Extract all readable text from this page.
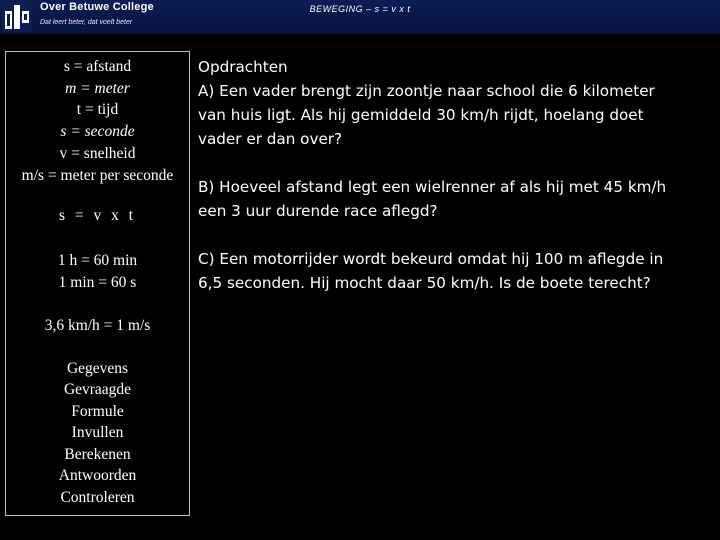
Over Betuwe College
Dat leert beter, dat voelt beter
BEWEGING – s = v x t
s = afstand
m = meter
t = tijd
s = seconde
v = snelheid
m/s = meter per seconde
s = v x t
1 h = 60 min
1 min = 60 s
3,6 km/h = 1 m/s
Gegevens
Gevraagde
Formule
Invullen
Berekenen
Antwoorden
Controleren
Opdrachten
A) Een vader brengt zijn zoontje naar school die 6 kilometer
van huis ligt. Als hij gemiddeld 30 km/h rijdt, hoelang doet
vader er dan over?
B) Hoeveel afstand legt een wielrenner af als hij met 45 km/h
een 3 uur durende race aflegd?
C) Een motorrijder wordt bekeurd omdat hij 100 m aflegde in
6,5 seconden. Hij mocht daar 50 km/h. Is de boete terecht?
